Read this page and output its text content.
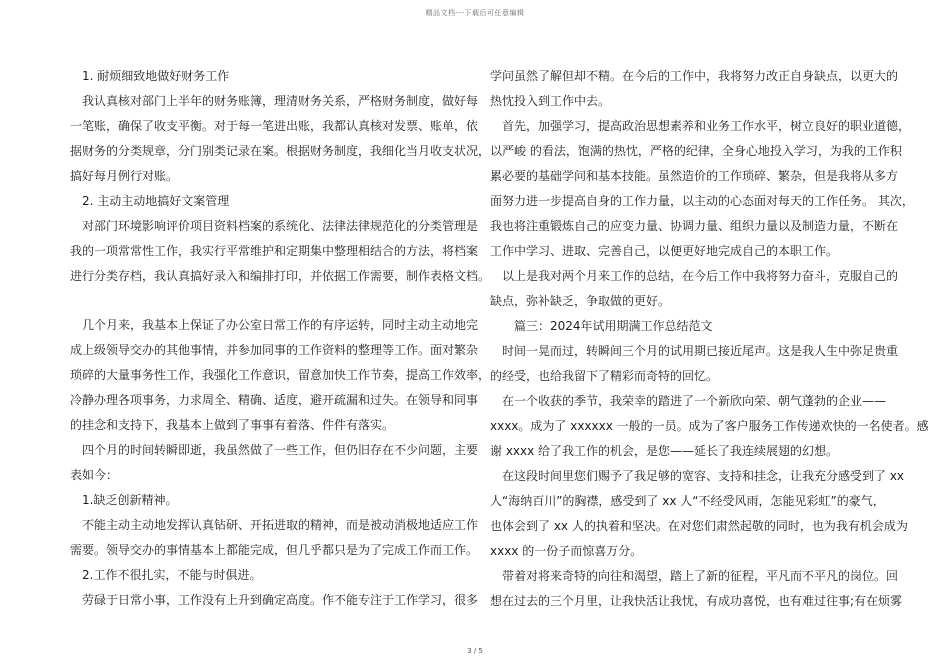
精品文档---下载后可任意编辑
1. 耐烦细致地做好财务工作
我认真核对部门上半年的财务账簿，理清财务关系，严格财务制度，做好每
一笔账，确保了收支平衡。对于每一笔进出账，我都认真核对发票、账单，依
据财务的分类规章，分门别类记录在案。根据财务制度，我细化当月收支状况，
搞好每月例行对账。
2. 主动主动地搞好文案管理
对部门环境影响评价项目资料档案的系统化、法律法律规范化的分类管理是
我的一项常常性工作，我实行平常维护和定期集中整理相结合的方法，将档案
进行分类存档，我认真搞好录入和编排打印，并依据工作需要，制作表格文档。
几个月来，我基本上保证了办公室日常工作的有序运转，同时主动主动地完
成上级领导交办的其他事情，并参加同事的工作资料的整理等工作。面对繁杂
琐碎的大量事务性工作，我强化工作意识，留意加快工作节奏，提高工作效率，
冷静办理各项事务，力求周全、精确、适度，避开疏漏和过失。在领导和同事
的挂念和支持下，我基本上做到了事事有着落、件件有落实。
四个月的时间转瞬即逝，我虽然做了一些工作，但仍旧存在不少问题，主要
表如今：
1.缺乏创新精神。
不能主动主动地发挥认真钻研、开拓进取的精神，而是被动消极地适应工作
需要。领导交办的事情基本上都能完成，但几乎都只是为了完成工作而工作。
2.工作不很扎实，不能与时俱进。
劳碌于日常小事，工作没有上升到确定高度。作不能专注于工作学习，很多
学问虽然了解但却不精。在今后的工作中，我将努力改正自身缺点，以更大的
热忱投入到工作中去。
首先，加强学习，提高政治思想素养和业务工作水平，树立良好的职业道德，
以严峻 的看法，饱满的热忱，严格的纪律，全身心地投入学习，为我的工作积
累必要的基础学问和基本技能。虽然造价的工作琐碎、繁杂，但是我将从多方
面努力进一步提高自身的工作力量，以主动的心态面对每天的工作任务。 其次，
我也将注重锻炼自己的应变力量、协调力量、组织力量以及制造力量，不断在
工作中学习、进取、完善自己，以便更好地完成自己的本职工作。
以上是我对两个月来工作的总结，在今后工作中我将努力奋斗，克服自己的
缺点，弥补缺乏，争取做的更好。
篇三：2024年试用期满工作总结范文
时间一晃而过，转瞬间三个月的试用期已接近尾声。这是我人生中弥足贵重
的经受，也给我留下了精彩而奇特的回忆。
在一个收获的季节，我荣幸的踏进了一个新欣向荣、朝气蓬勃的企业——
xxxx。成为了 xxxxxx 一般的一员。成为了客户服务工作传递欢快的一名使者。感
谢 xxxx 给了我工作的机会，是您——延长了我连续展翅的幻想。
在这段时间里您们赐予了我足够的宽容、支持和挂念，让我充分感受到了 xx
人“海纳百川”的胸襟，感受到了 xx 人“不经受风雨，怎能见彩虹”的豪气，
也体会到了 xx 人的执着和坚决。在对您们肃然起敬的同时，也为我有机会成为
xxxx 的一份子而惊喜万分。
带着对将来奇特的向往和渴望，踏上了新的征程，平凡而不平凡的岗位。回
想在过去的三个月里，让我快活让我忧，有成功喜悦，也有难过往事;有在烦雾
3 / 5
